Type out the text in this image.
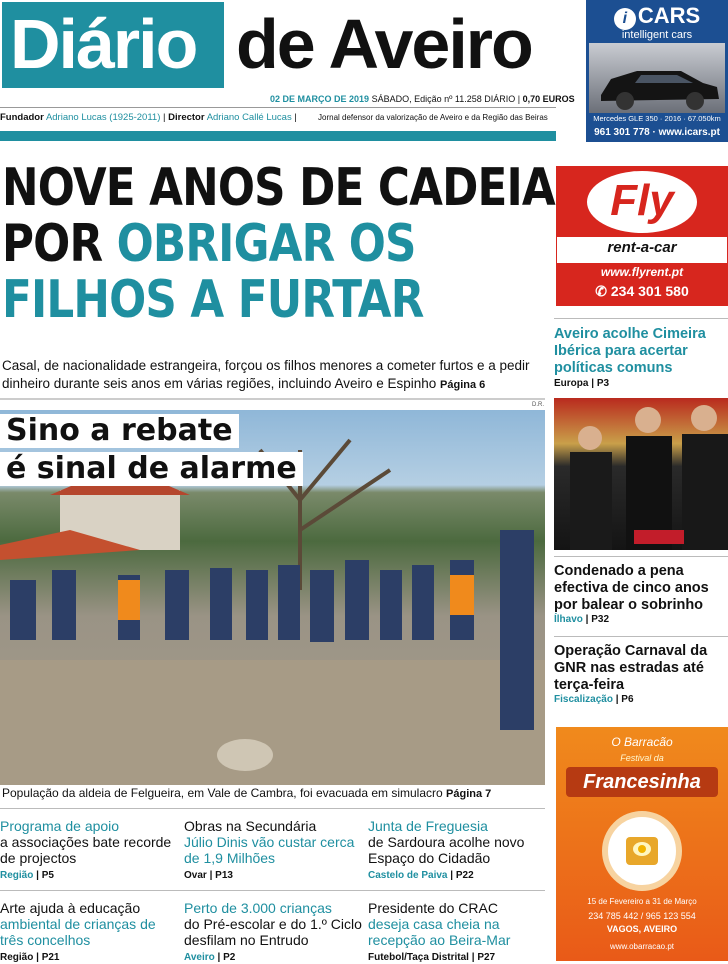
Diário de Aveiro
02 DE MARÇO DE 2019 SÁBADO, Edição nº 11.258 DIÁRIO | 0,70 EUROS
Fundador Adriano Lucas (1925-2011) | Director Adriano Callé Lucas |	Jornal defensor da valorização de Aveiro e da Região das Beiras
i CARS
intelligent cars
Mercedes GLE 350 · 2016 · 67.050km
961 301 778 · www.icars.pt
NOVE ANOS DE CADEIA
POR OBRIGAR OS
FILHOS A FURTAR
Casal, de nacionalidade estrangeira, forçou os filhos menores a cometer furtos e a pedir dinheiro durante seis anos em várias regiões, incluindo Aveiro e Espinho Página 6
D.R.
Sino a rebate
é sinal de alarme
População da aldeia de Felgueira, em Vale de Cambra, foi evacuada em simulacro Página 7
Programa de apoio
a associações bate recorde de projectos
Região | P5
Obras na Secundária
Júlio Dinis vão custar cerca de 1,9 Milhões
Ovar | P13
Junta de Freguesia
de Sardoura acolhe novo Espaço do Cidadão
Castelo de Paiva | P22
Arte ajuda à educação
ambiental de crianças de três concelhos
Região | P21
Perto de 3.000 crianças
do Pré-escolar e do 1.º Ciclo desfilam no Entrudo
Aveiro | P2
Presidente do CRAC
deseja casa cheia na recepção ao Beira-Mar
Futebol/Taça Distrital | P27
Fly
rent-a-car
www.flyrent.pt
✆ 234 301 580
Aveiro acolhe Cimeira Ibérica para acertar políticas comuns
Europa | P3
Condenado a pena efectiva de cinco anos por balear o sobrinho
Ílhavo | P32
Operação Carnaval da GNR nas estradas até terça-feira
Fiscalização | P6
O Barracão
Festival da
Francesinha
15 de Fevereiro a 31 de Março
234 785 442 / 965 123 554
VAGOS, AVEIRO
www.obarracao.pt
